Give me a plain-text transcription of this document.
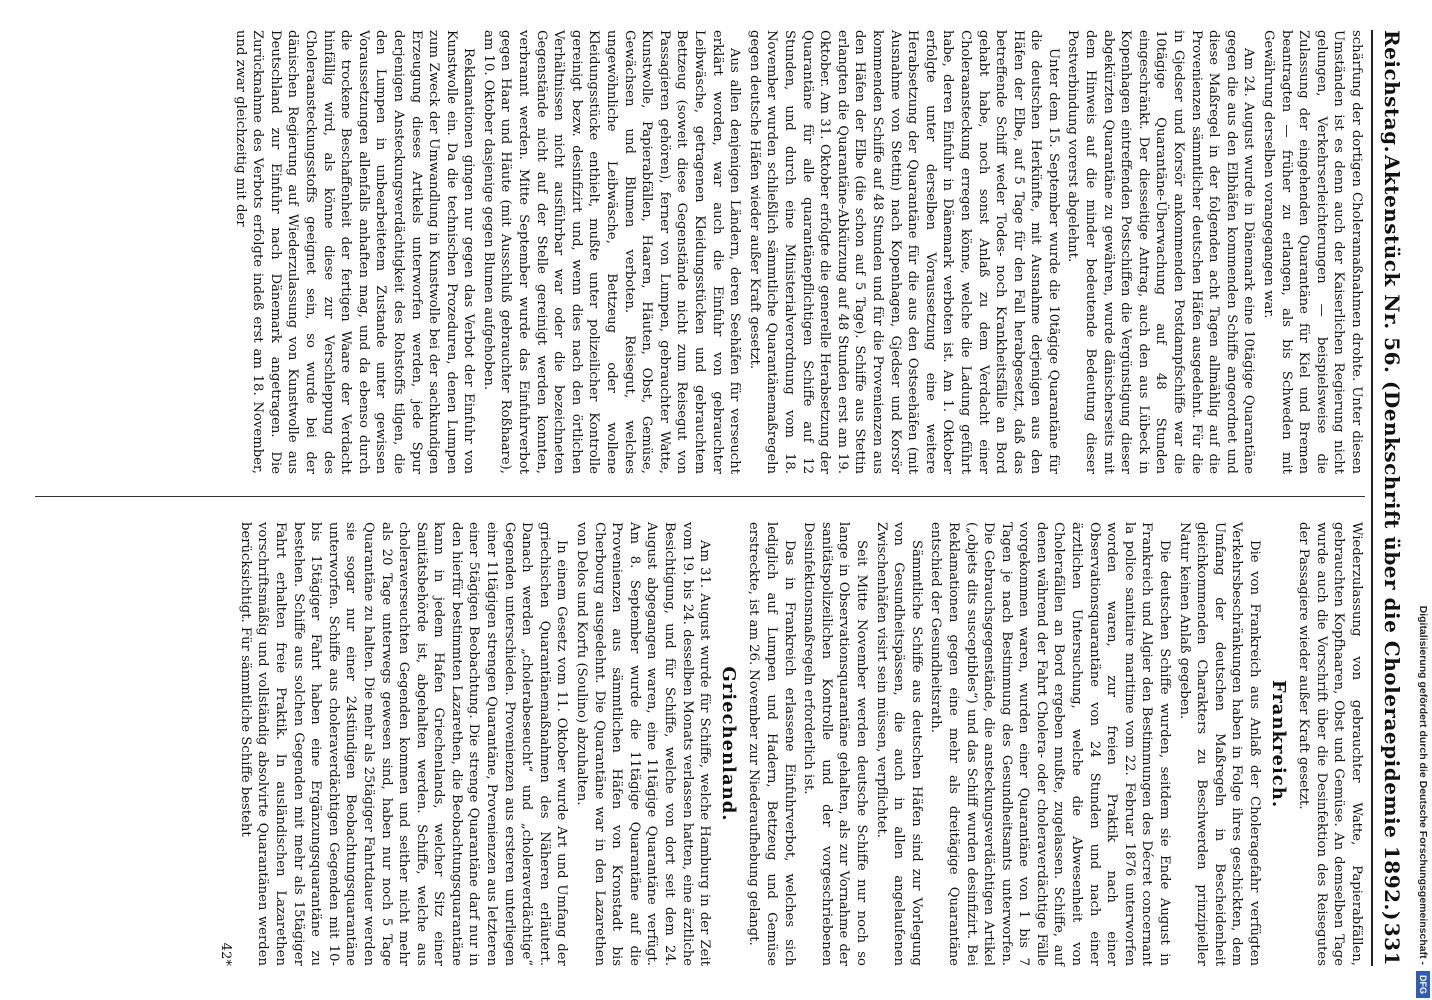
Reichstag.
Aktenstück Nr. 56. (Denkschrift über die Choleraepidemie 1892.)
331

schärfung der dortigen Choleramaßnahmen drohte. Unter diesen Umständen ist es denn auch der Kaiserlichen Regierung nicht gelungen, Verkehrserleichterungen — beispielsweise die Zulassung der eingehenden Quarantäne für Kiel und Bremen beantragten — früher zu erlangen, als bis Schweden mit Gewährung derselben vorangegangen war.

Am 24. August wurde in Dänemark eine 10tägige Quarantäne gegen die aus den Elbhäfen kommenden Schiffe angeordnet und diese Maßregel in der folgenden acht Tagen allmählig auf die Provenienzen sämmtlicher deutschen Häfen ausgedehnt. Für die in Gjedser und Korsör ankommenden Postdampfschiffe war die 10tägige Quarantäne-Überwachung auf 48 Stunden eingeschränkt. Der diesseitige Antrag, auch den aus Lübeck in Kopenhagen eintreffenden Postschiffen die Vergünstigung dieser abgekürzten Quarantäne zu gewähren, wurde dänischerseits mit dem Hinweis auf die minder bedeutende Bedeutung dieser Postverbindung vorerst abgelehnt.

Unter dem 15. September wurde die 10tägige Quarantäne für die deutschen Herkünfte, mit Ausnahme derjenigen aus den Häfen der Elbe, auf 5 Tage für den Fall herabgesetzt, daß das betreffende Schiff weder Todes- noch Krankheitsfälle an Bord gehabt habe, noch sonst Anlaß zu dem Verdacht einer Choleraansteckung erregen könne, welche die Ladung geführt habe, deren Einfuhr in Dänemark verboten ist. Am 1. Oktober erfolgte unter derselben Voraussetzung eine weitere Herabsetzung der Quarantäne für die aus den Ostseehäfen (mit Ausnahme von Stettin) nach Kopenhagen, Gjedser und Korsör kommenden Schiffe auf 48 Stunden und für die Provenienzen aus den Häfen der Elbe (die schon auf 5 Tage). Schiffe aus Stettin erlangten die Quarantäne-Abkürzung auf 48 Stunden erst am 19. Oktober. Am 31. Oktober erfolgte die generelle Herabsetzung der Quarantäne für alle quarantänepflichtigen Schiffe auf 12 Stunden, und durch eine Ministerialverordnung vom 18. November wurden schließlich sämmtliche Quarantänemaßregeln gegen deutsche Häfen wieder außer Kraft gesetzt.

Aus allen denjenigen Ländern, deren Seehäfen für verseucht erklärt worden, war auch die Einfuhr von gebrauchter Leibwäsche, getragenen Kleidungsstücken und gebrauchtem Bettzeug (soweit diese Gegenstände nicht zum Reisegut von Passagieren gehören), ferner von Lumpen, gebrauchter Watte, Kunstwolle, Papierabfällen, Haaren, Häuten, Obst, Gemüse, Gewächsen und Blumen verboten. Reisegut, welches ungewöhnliche Leibwäsche, Bettzeug oder wollene Kleidungsstücke enthielt, mußte unter polizeilicher Kontrolle gereinigt bezw. desinfizirt und, wenn dies nach den örtlichen Verhältnissen nicht ausführbar war oder die bezeichneten Gegenstände nicht auf der Stelle gereinigt werden konnten, verbrannt werden. Mitte September wurde das Einfuhrverbot gegen Haar und Häute (mit Ausschluß gebrauchter Roßhaare), am 10. Oktober dasjenige gegen Blumen aufgehoben.

Reklamationen gingen nur gegen das Verbot der Einfuhr von Kunstwolle ein. Da die technischen Prozeduren, denen Lumpen zum Zweck der Umwandlung in Kunstwolle bei der sachkundigen Erzeugung dieses Artikels unterworfen werden, jede Spur derjenigen Ansteckungsverdächtigkeit des Rohstoffs tilgen, die den Lumpen in unbearbeitetem Zustande unter gewissen Voraussetzungen allenfalls anhaften mag, und da ebenso durch die trockene Beschaffenheit der fertigen Waare der Verdacht hinfällig wird, als könne diese zur Verschleppung des Choleraansteckungsstoffs geeignet sein, so wurde bei der dänischen Regierung auf Wiederzulassung von Kunstwolle aus Deutschland zur Einfuhr nach Dänemark angetragen. Die Zurücknahme des Verbots erfolgte indeß erst am 18. November, und zwar gleichzeitig mit der

Wiederzulassung von gebrauchter Watte, Papierabfällen, gebrauchten Kopfhaaren, Obst und Gemüse. An demselben Tage wurde auch die Vorschrift über die Desinfektion des Reisegutes der Passagiere wieder außer Kraft gesetzt.

Frankreich.

Die von Frankreich aus Anlaß der Choleragefahr verfügten Verkehrsbeschränkungen haben in Folge ihres geschickten, dem Umfang der deutschen Maßregeln in Bescheidenheit gleichkommenden Charakters zu Beschwerden prinzipieller Natur keinen Anlaß gegeben.

Die deutschen Schiffe wurden, seitdem sie Ende August in Frankreich und Algier den Bestimmungen des Décret concernant la police sanitaire maritime vom 22. Februar 1876 unterworfen worden waren, zur freien Praktik nach einer Observationsquarantäne von 24 Stunden und nach einer ärztlichen Untersuchung, welche die Abwesenheit von Cholerafällen an Bord ergeben mußte, zugelassen. Schiffe, auf denen während der Fahrt Cholera- oder choleraverdächtige Fälle vorgekommen waren, wurden einer Quarantäne von 1 bis 7 Tagen je nach Bestimmung des Gesundheitsamts unterworfen. Die Gebrauchsgegenstände, die ansteckungsverdächtigen Artikel („objets dits susceptibles“) und das Schiff wurden desinfizirt. Bei Reklamationen gegen eine mehr als dreitägige Quarantäne entschied der Gesundheitsrath.

Sämmtliche Schiffe aus deutschen Häfen sind zur Vorlegung von Gesundheitspässen, die auch in allen angelaufenen Zwischenhäfen visirt sein müssen, verpflichtet.

Seit Mitte November werden deutsche Schiffe nur noch so lange in Observationsquarantäne gehalten, als zur Vornahme der sanitätspolizeilichen Kontrolle und der vorgeschriebenen Desinfektionsmaßregeln erforderlich ist.

Das in Frankreich erlassene Einfuhrverbot, welches sich lediglich auf Lumpen und Hadern, Bettzeug und Gemüse erstreckte, ist am 26. November zur Niederaufhebung gelangt.

Griechenland.

Am 31. August wurde für Schiffe, welche Hamburg in der Zeit vom 19. bis 24. desselben Monats verlassen hatten, eine ärztliche Besichtigung, und für Schiffe, welche von dort seit dem 24. August abgegangen waren, eine 11tägige Quarantäne verfügt. Am 8. September wurde die 11tägige Quarantäne auf die Provenienzen aus sämmtlichen Häfen von Kronstadt bis Cherbourg ausgedehnt. Die Quarantäne war in den Lazarethen von Delos und Korfu (Soulino) abzuhalten.

In einem Gesetz vom 11. Oktober wurde Art und Umfang der griechischen Quarantänemaßnahmen des Näheren erläutert. Danach werden „cholerabeseucht“ und „choleraverdächtige“ Gegenden unterschieden. Provenienzen aus ersteren unterliegen einer 11tägigen strengen Quarantäne, Provenienzen aus letzteren einer 5tägigen Beobachtung. Die strenge Quarantäne darf nur in den hierfür bestimmten Lazarethen, die Beobachtungsquarantäne kann in jedem Hafen Griechenlands, welcher Sitz einer Sanitätsbehörde ist, abgehalten werden. Schiffe, welche aus choleraverseuchten Gegenden kommen und seither nicht mehr als 20 Tage unterwegs gewesen sind, haben nur noch 5 Tage Quarantäne zu halten. Die mehr als 25tägiger Fahrtdauer werden sie sogar nur einer 24stündigen Beobachtungsquarantäne unterworfen. Schiffe aus choleraverdächtigen Gegenden mit 10- bis 15tägiger Fahrt haben eine Ergänzungsquarantäne zu bestehen. Schiffe aus solchen Gegenden mit mehr als 15tägiger Fahrt erhalten freie Praktik. In ausländischen Lazarethen vorschriftsmäßig und vollständig absolvirte Quarantänen werden berücksichtigt. Für sämmtliche Schiffe besteht

42*	Digitalisierung gefördert durch die Deutsche Forschungsgemeinschaft -
DFG
